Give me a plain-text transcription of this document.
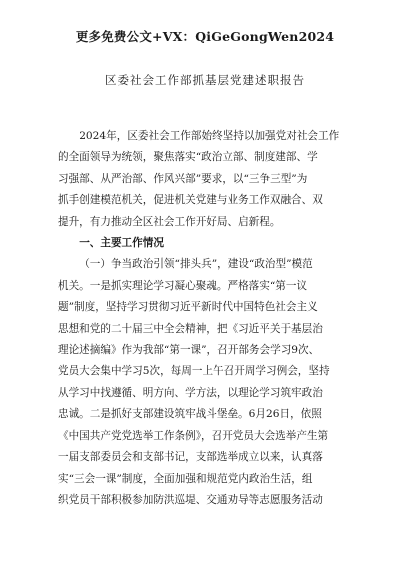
更多免费公文+VX：QiGeGongWen2024
区委社会工作部抓基层党建述职报告
2024年，区委社会工作部始终坚持以加强党对社会工作
的全面领导为统领，聚焦落实“政治立部、制度建部、学
习强部、从严治部、作风兴部”要求，以“三争三型”为
抓手创建模范机关，促进机关党建与业务工作双融合、双
提升，有力推动全区社会工作开好局、启新程。
一、主要工作情况
（一）争当政治引领“排头兵”，建设“政治型”模范
机关。一是抓实理论学习凝心聚魂。严格落实“第一议
题”制度，坚持学习贯彻习近平新时代中国特色社会主义
思想和党的二十届三中全会精神，把《习近平关于基层治
理论述摘编》作为我部“第一课”，召开部务会学习9次、
党员大会集中学习5次，每周一上午召开周学习例会，坚持
从学习中找遵循、明方向、学方法，以理论学习筑牢政治
忠诚。二是抓好支部建设筑牢战斗堡垒。6月26日，依照
《中国共产党党选举工作条例》，召开党员大会选举产生第
一届支部委员会和支部书记，支部选举成立以来，认真落
实“三会一课”制度，全面加强和规范党内政治生活，组
织党员干部积极参加防洪巡堤、交通劝导等志愿服务活动
